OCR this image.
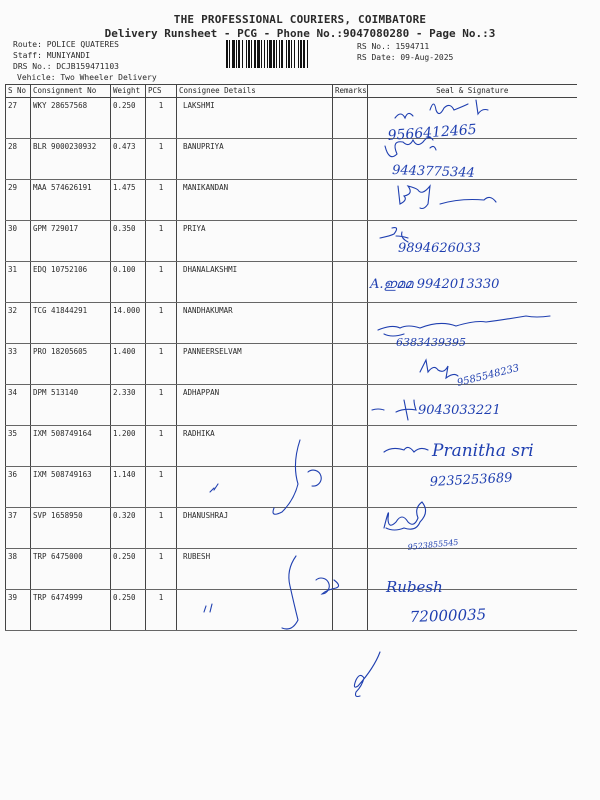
THE PROFESSIONAL COURIERS, COIMBATORE
Delivery Runsheet - PCG - Phone No.:9047080280 - Page No.:3
Route: POLICE QUATERES
Staff: MUNIYANDI
DRS No.: DCJB159471103
Vehicle: Two Wheeler Delivery
RS No.: 1594711
RS Date: 09-Aug-2025
S No	Consignment No	Weight	PCS	Consignee Details	Remarks	Seal & Signature
27	WKY 28657568	0.250	1	LAKSHMI		
28	BLR 9000230932	0.473	1	BANUPRIYA		
29	MAA 574626191	1.475	1	MANIKANDAN		
30	GPM 729017	0.350	1	PRIYA		
31	EDQ 10752106	0.100	1	DHANALAKSHMI		
32	TCG 41844291	14.000	1	NANDHAKUMAR		
33	PRO 18205605	1.400	1	PANNEERSELVAM		
34	DPM 513140	2.330	1	ADHAPPAN		
35	IXM 508749164	1.200	1	RADHIKA		
36	IXM 508749163	1.140	1			
37	SVP 1658950	0.320	1	DHANUSHRAJ		
38	TRP 6475000	0.250	1	RUBESH		
39	TRP 6474999	0.250	1			
9566412465
9443775344
9894626033
A.ഇമമ 9942013330
6383439395
9585548233
9043033221
Pranitha sri
9235253689
9523855545
Rubesh
72000035
